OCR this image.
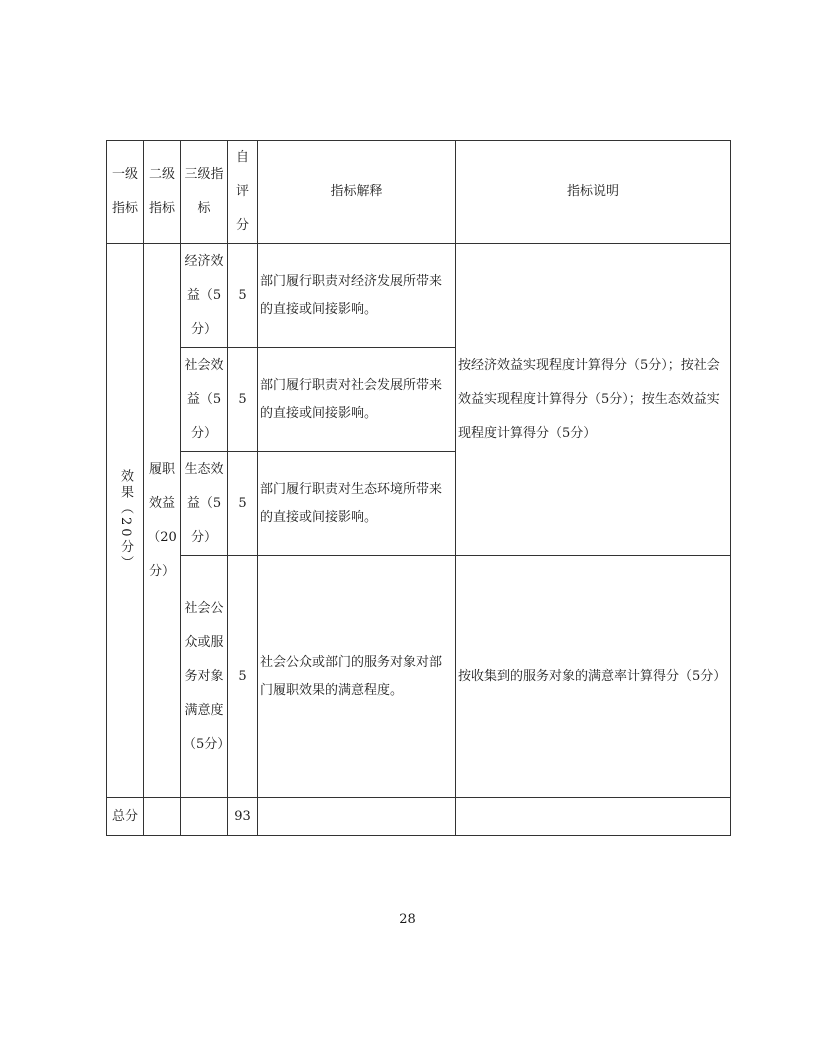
一级指标	二级指标	三级指标	自评分	指标解释	指标说明

效果（20分）	履职效益（20分）	经济效益（5分）	5	部门履行职责对经济发展所带来的直接或间接影响。	按经济效益实现程度计算得分（5分）；按社会效益实现程度计算得分（5分）；按生态效益实现程度计算得分（5分）
		社会效益（5分）	5	部门履行职责对社会发展所带来的直接或间接影响。	
		生态效益（5分）	5	部门履行职责对生态环境所带来的直接或间接影响。	
		社会公众或服务对象满意度（5分）	5	社会公众或部门的服务对象对部门履职效果的满意程度。	按收集到的服务对象的满意率计算得分（5分）
总分			93		
28
